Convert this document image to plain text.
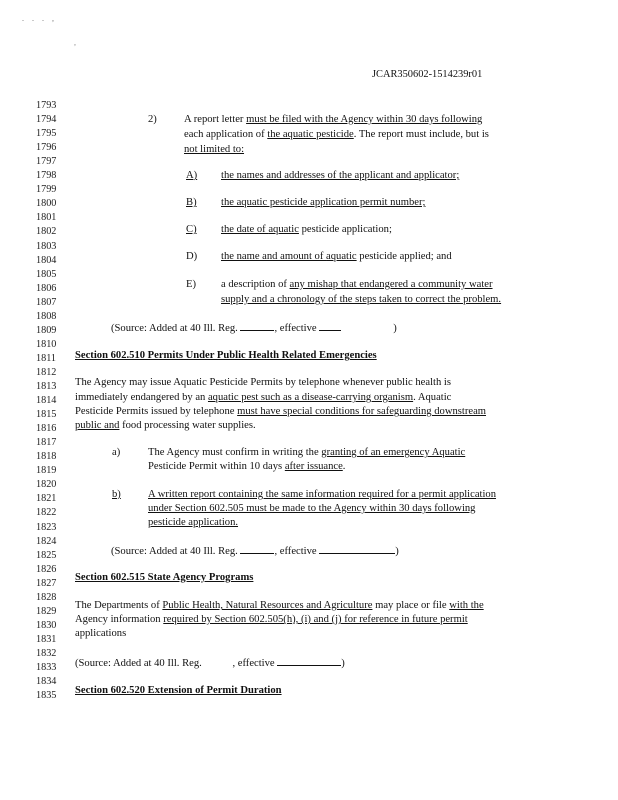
. . . ,
,
JCAR350602-1514239r01
1793
1794
1795
1796
1797
1798
1799
1800
1801
1802
1803
1804
1805
1806
1807
1808
1809
1810
1811
1812
1813
1814
1815
1816
1817
1818
1819
1820
1821
1822
1823
1824
1825
1826
1827
1828
1829
1830
1831
1832
1833
1834
1835
2)	A report letter must be filed with the Agency within 30 days following
each application of the aquatic pesticide. The report must include, but is
not limited to:
A) the names and addresses of the applicant and applicator;
B) the aquatic pesticide application permit number;
C) the date of aquatic pesticide application;
D) the name and amount of aquatic pesticide applied; and
E) a description of any mishap that endangered a community water
supply and a chronology of the steps taken to correct the problem.
(Source: Added at 40 Ill. Reg.	, effective	)
Section 602.510 Permits Under Public Health Related Emergencies
The Agency may issue Aquatic Pesticide Permits by telephone whenever public health is
immediately endangered by an aquatic pest such as a disease-carrying organism. Aquatic
Pesticide Permits issued by telephone must have special conditions for safeguarding downstream
public and food processing water supplies.
a)	The Agency must confirm in writing the granting of an emergency Aquatic
Pesticide Permit within 10 days after issuance.
b)	A written report containing the same information required for a permit application
under Section 602.505 must be made to the Agency within 30 days following
pesticide application.
(Source: Added at 40 Ill. Reg.	, effective	)
Section 602.515 State Agency Programs
The Departments of Public Health, Natural Resources and Agriculture may place or file with the
Agency information required by Section 602.505(h), (i) and (j) for reference in future permit
applications
(Source: Added at 40 Ill. Reg.	, effective	)
Section 602.520 Extension of Permit Duration
